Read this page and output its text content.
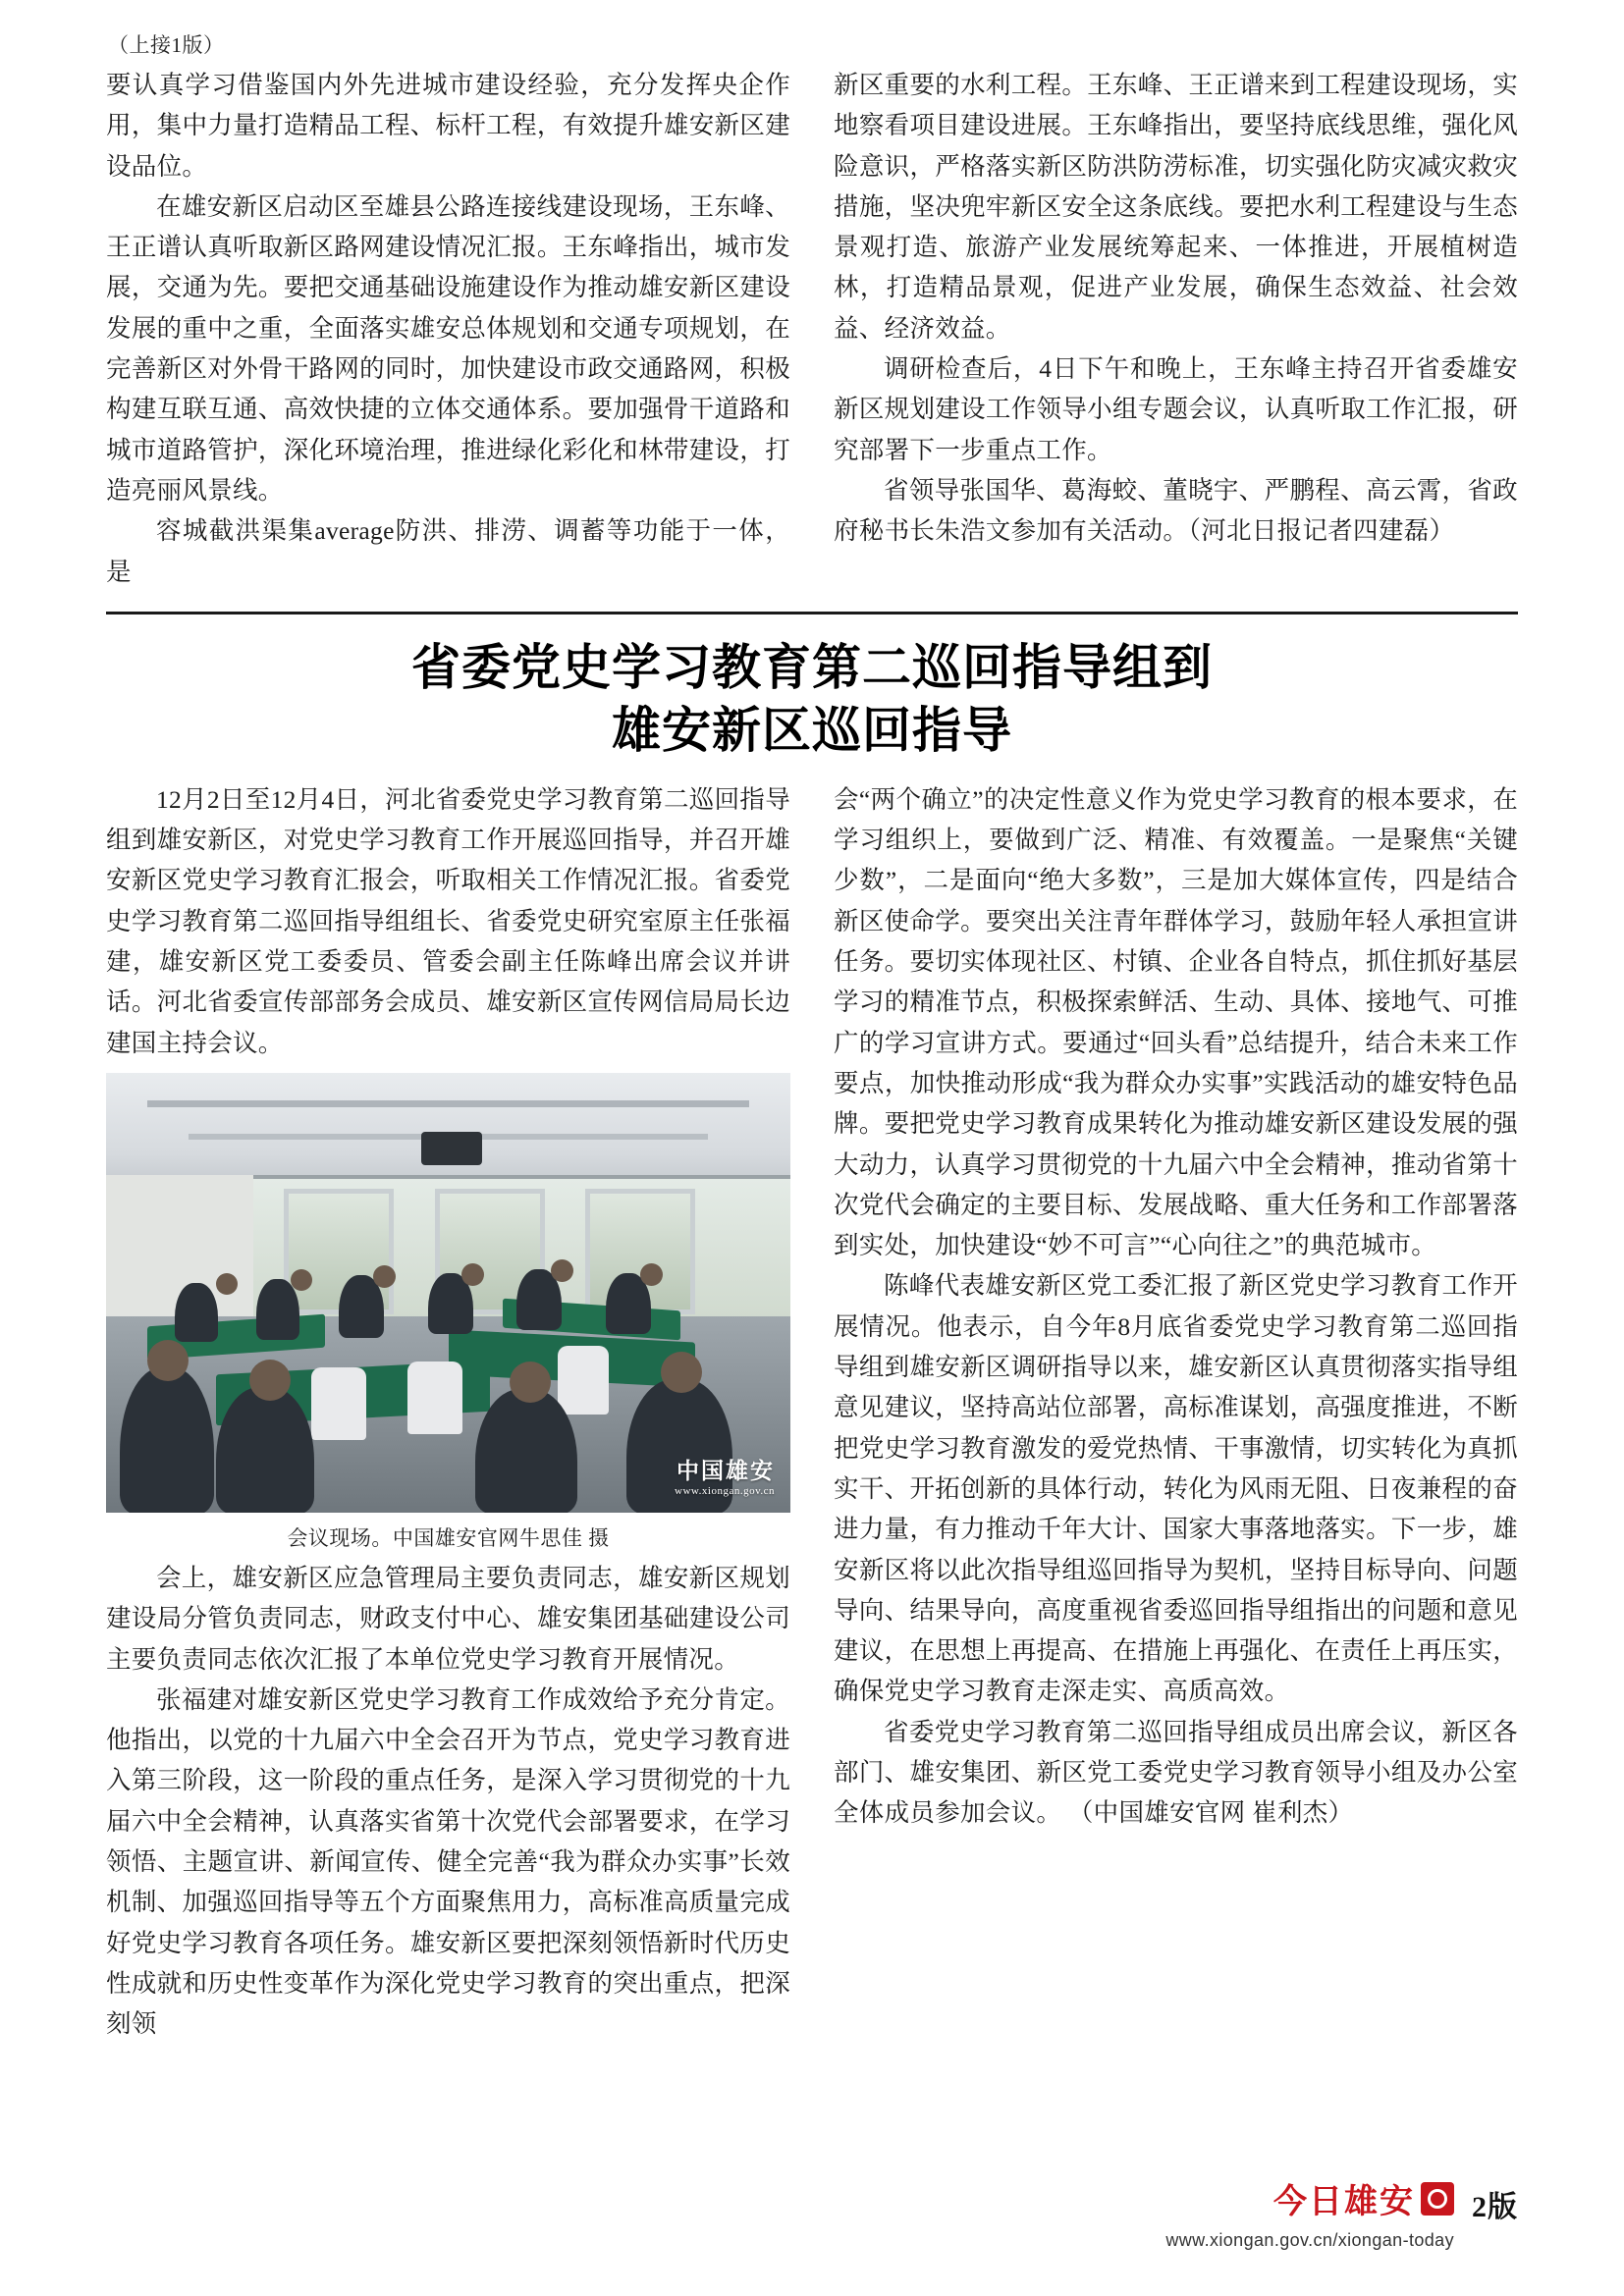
（上接1版）

要认真学习借鉴国内外先进城市建设经验，充分发挥央企作用，集中力量打造精品工程、标杆工程，有效提升雄安新区建设品位。

在雄安新区启动区至雄县公路连接线建设现场，王东峰、王正谱认真听取新区路网建设情况汇报。王东峰指出，城市发展，交通为先。要把交通基础设施建设作为推动雄安新区建设发展的重中之重，全面落实雄安总体规划和交通专项规划，在完善新区对外骨干路网的同时，加快建设市政交通路网，积极构建互联互通、高效快捷的立体交通体系。要加强骨干道路和城市道路管护，深化环境治理，推进绿化彩化和林带建设，打造亮丽风景线。

容城截洪渠集average防洪、排涝、调蓄等功能于一体，是

新区重要的水利工程。王东峰、王正谱来到工程建设现场，实地察看项目建设进展。王东峰指出，要坚持底线思维，强化风险意识，严格落实新区防洪防涝标准，切实强化防灾减灾救灾措施，坚决兜牢新区安全这条底线。要把水利工程建设与生态景观打造、旅游产业发展统筹起来、一体推进，开展植树造林，打造精品景观，促进产业发展，确保生态效益、社会效益、经济效益。

调研检查后，4日下午和晚上，王东峰主持召开省委雄安新区规划建设工作领导小组专题会议，认真听取工作汇报，研究部署下一步重点工作。

省领导张国华、葛海蛟、董晓宇、严鹏程、高云霄，省政府秘书长朱浩文参加有关活动。（河北日报记者四建磊）

省委党史学习教育第二巡回指导组到
雄安新区巡回指导

12月2日至12月4日，河北省委党史学习教育第二巡回指导组到雄安新区，对党史学习教育工作开展巡回指导，并召开雄安新区党史学习教育汇报会，听取相关工作情况汇报。省委党史学习教育第二巡回指导组组长、省委党史研究室原主任张福建，雄安新区党工委委员、管委会副主任陈峰出席会议并讲话。河北省委宣传部部务会成员、雄安新区宣传网信局局长边建国主持会议。

中国雄安
www.xiongan.gov.cn
会议现场。中国雄安官网牛思佳 摄

会上，雄安新区应急管理局主要负责同志，雄安新区规划建设局分管负责同志，财政支付中心、雄安集团基础建设公司主要负责同志依次汇报了本单位党史学习教育开展情况。

张福建对雄安新区党史学习教育工作成效给予充分肯定。他指出，以党的十九届六中全会召开为节点，党史学习教育进入第三阶段，这一阶段的重点任务，是深入学习贯彻党的十九届六中全会精神，认真落实省第十次党代会部署要求，在学习领悟、主题宣讲、新闻宣传、健全完善“我为群众办实事”长效机制、加强巡回指导等五个方面聚焦用力，高标准高质量完成好党史学习教育各项任务。雄安新区要把深刻领悟新时代历史性成就和历史性变革作为深化党史学习教育的突出重点，把深刻领

会“两个确立”的决定性意义作为党史学习教育的根本要求，在学习组织上，要做到广泛、精准、有效覆盖。一是聚焦“关键少数”，二是面向“绝大多数”，三是加大媒体宣传，四是结合新区使命学。要突出关注青年群体学习，鼓励年轻人承担宣讲任务。要切实体现社区、村镇、企业各自特点，抓住抓好基层学习的精准节点，积极探索鲜活、生动、具体、接地气、可推广的学习宣讲方式。要通过“回头看”总结提升，结合未来工作要点，加快推动形成“我为群众办实事”实践活动的雄安特色品牌。要把党史学习教育成果转化为推动雄安新区建设发展的强大动力，认真学习贯彻党的十九届六中全会精神，推动省第十次党代会确定的主要目标、发展战略、重大任务和工作部署落到实处，加快建设“妙不可言”“心向往之”的典范城市。

陈峰代表雄安新区党工委汇报了新区党史学习教育工作开展情况。他表示，自今年8月底省委党史学习教育第二巡回指导组到雄安新区调研指导以来，雄安新区认真贯彻落实指导组意见建议，坚持高站位部署，高标准谋划，高强度推进，不断把党史学习教育激发的爱党热情、干事激情，切实转化为真抓实干、开拓创新的具体行动，转化为风雨无阻、日夜兼程的奋进力量，有力推动千年大计、国家大事落地落实。下一步，雄安新区将以此次指导组巡回指导为契机，坚持目标导向、问题导向、结果导向，高度重视省委巡回指导组指出的问题和意见建议，在思想上再提高、在措施上再强化、在责任上再压实，确保党史学习教育走深走实、高质高效。

省委党史学习教育第二巡回指导组成员出席会议，新区各部门、雄安集团、新区党工委党史学习教育领导小组及办公室全体成员参加会议。 （中国雄安官网 崔利杰）

今日雄安
www.xiongan.gov.cn/xiongan-today
2版
